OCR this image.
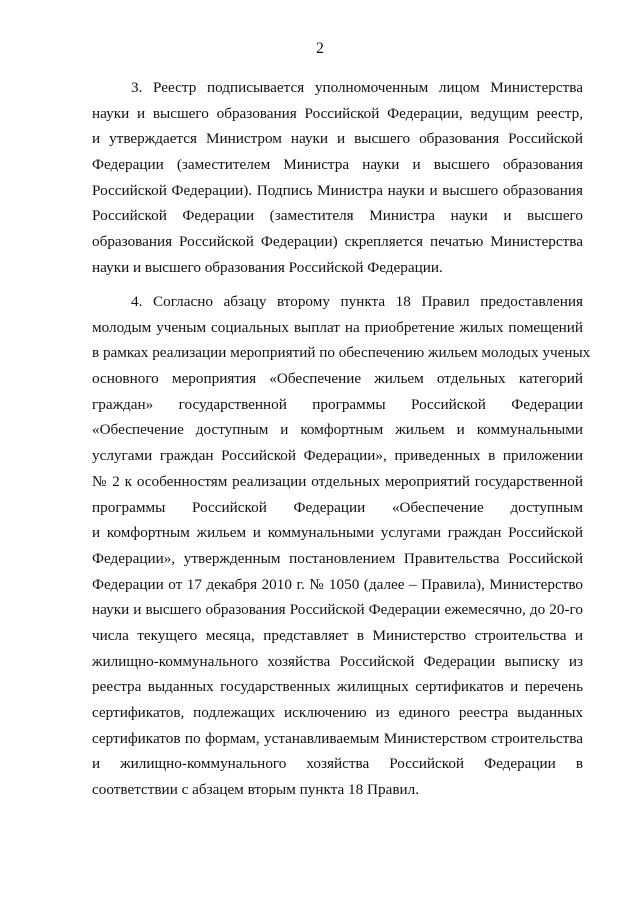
2
3. Реестр подписывается уполномоченным лицом Министерства
науки и высшего образования Российской Федерации, ведущим реестр,
и утверждается Министром науки и высшего образования Российской
Федерации (заместителем Министра науки и высшего образования
Российской Федерации). Подпись Министра науки и высшего образования
Российской Федерации (заместителя Министра науки и высшего
образования Российской Федерации) скрепляется печатью Министерства
науки и высшего образования Российской Федерации.
4. Согласно абзацу второму пункта 18 Правил предоставления
молодым ученым социальных выплат на приобретение жилых помещений
в рамках реализации мероприятий по обеспечению жильем молодых ученых
основного мероприятия «Обеспечение жильем отдельных категорий
граждан» государственной программы Российской Федерации
«Обеспечение доступным и комфортным жильем и коммунальными
услугами граждан Российской Федерации», приведенных в приложении
№ 2 к особенностям реализации отдельных мероприятий государственной
программы Российской Федерации «Обеспечение доступным
и комфортным жильем и коммунальными услугами граждан Российской
Федерации», утвержденным постановлением Правительства Российской
Федерации от 17 декабря 2010 г. № 1050 (далее – Правила), Министерство
науки и высшего образования Российской Федерации ежемесячно, до 20-го
числа текущего месяца, представляет в Министерство строительства и
жилищно-коммунального хозяйства Российской Федерации выписку из
реестра выданных государственных жилищных сертификатов и перечень
сертификатов, подлежащих исключению из единого реестра выданных
сертификатов по формам, устанавливаемым Министерством строительства
и жилищно-коммунального хозяйства Российской Федерации в
соответствии с абзацем вторым пункта 18 Правил.
